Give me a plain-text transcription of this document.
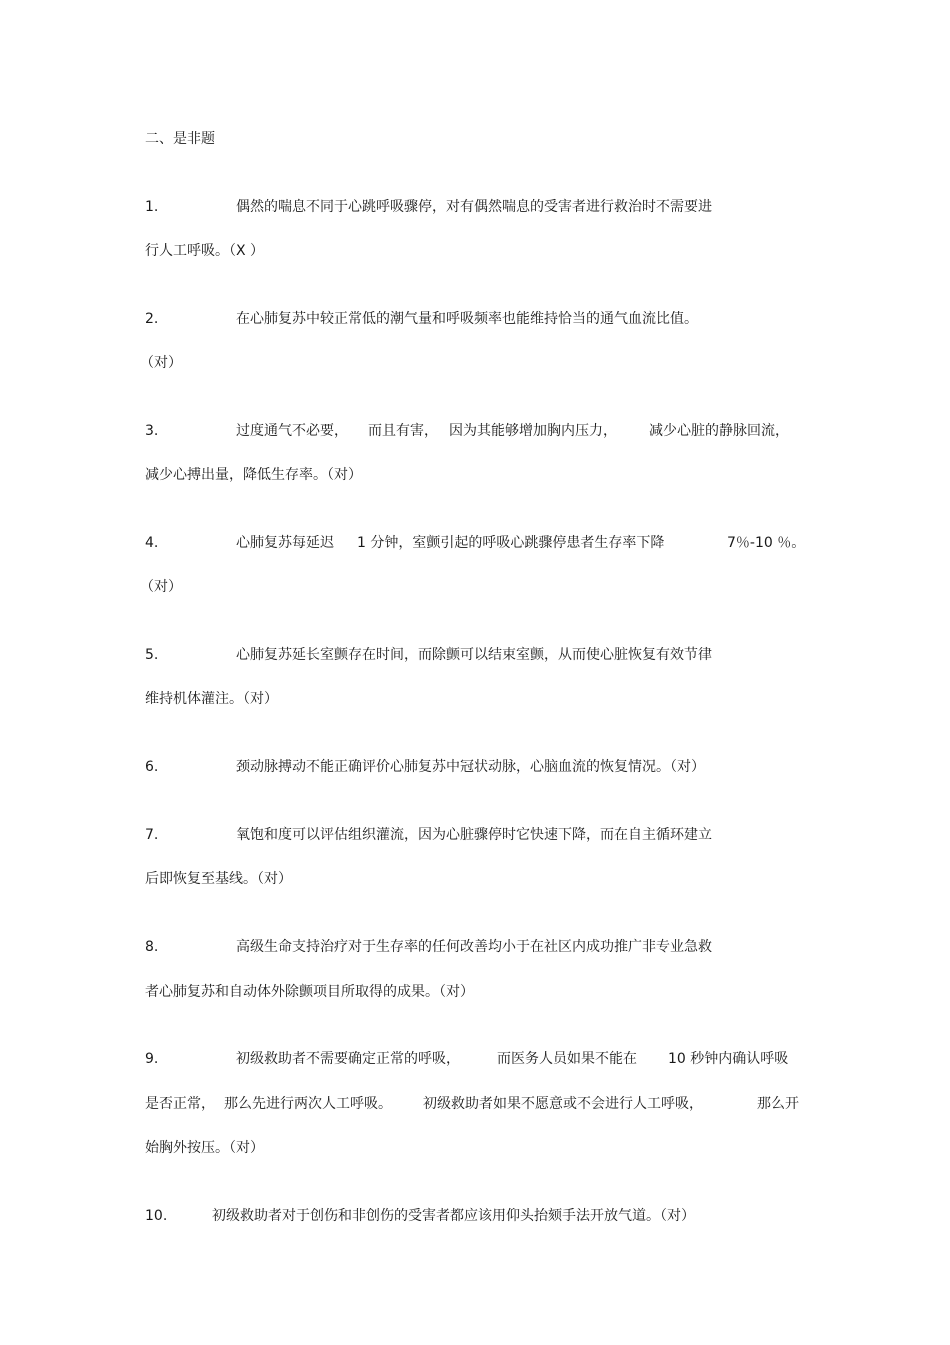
二、是非题
1.	偶然的喘息不同于心跳呼吸骤停，对有偶然喘息的受害者进行救治时不需要进
行人工呼吸。（X ）
2.	在心肺复苏中较正常低的潮气量和呼吸频率也能维持恰当的通气血流比值。
（对）
3.	过度通气不必要， 而且有害， 因为其能够增加胸内压力， 减少心脏的静脉回流，
减少心搏出量，降低生存率。（对）
4.	心肺复苏每延迟 1 分钟，室颤引起的呼吸心跳骤停患者生存率下降	7％-10 ％。
（对）
5.	心肺复苏延长室颤存在时间，而除颤可以结束室颤，从而使心脏恢复有效节律
维持机体灌注。（对）
6.	颈动脉搏动不能正确评价心肺复苏中冠状动脉，心脑血流的恢复情况。（对）
7.	氧饱和度可以评估组织灌流，因为心脏骤停时它快速下降，而在自主循环建立
后即恢复至基线。（对）
8.	高级生命支持治疗对于生存率的任何改善均小于在社区内成功推广非专业急救
者心肺复苏和自动体外除颤项目所取得的成果。（对）
9.	初级救助者不需要确定正常的呼吸，	而医务人员如果不能在 10 秒钟内确认呼吸
是否正常， 那么先进行两次人工呼吸。 初级救助者如果不愿意或不会进行人工呼吸，	那么开
始胸外按压。（对）
10.	初级救助者对于创伤和非创伤的受害者都应该用仰头抬颏手法开放气道。（对）
